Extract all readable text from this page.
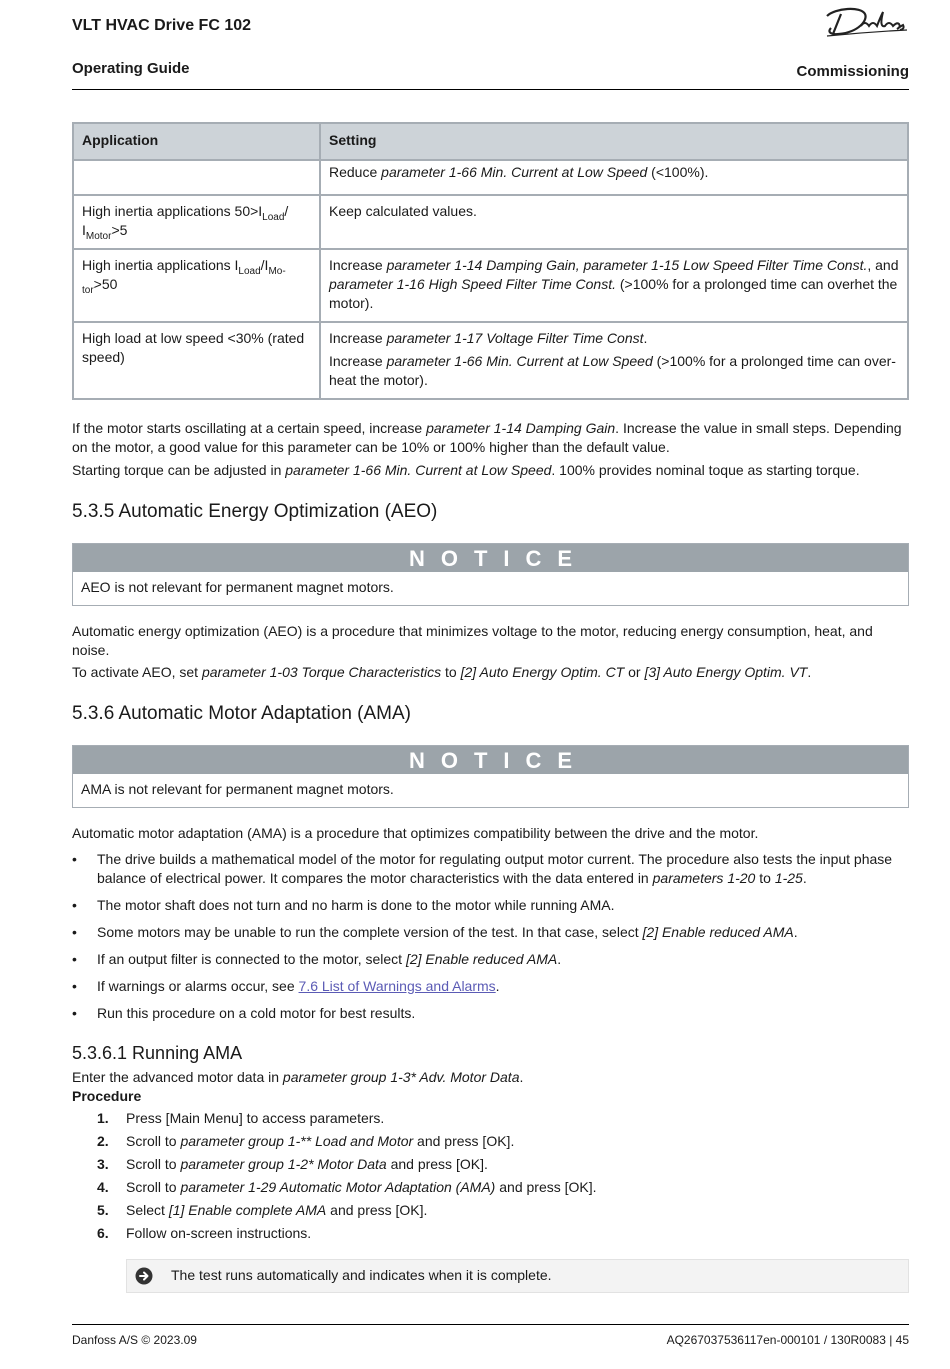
VLT HVAC Drive FC 102
Operating Guide	Commissioning
Application	Setting

	Reduce parameter 1-66 Min. Current at Low Speed (<100%).

High inertia applications $50>I_{Load}/$
$I_{Motor}>5$	Keep calculated values.

High inertia applications $I_{Load}/I_{Mo-tor}>50$	Increase parameter 1-14 Damping Gain, parameter 1-15 Low Speed Filter Time Const., and parameter 1-16 High Speed Filter Time Const. (>100% for a prolonged time can overhet the motor).

High load at low speed <30% (rated speed)	Increase parameter 1-17 Voltage Filter Time Const.

Increase parameter 1-66 Min. Current at Low Speed (>100% for a prolonged time can over-heat the motor).

If the motor starts oscillating at a certain speed, increase parameter 1-14 Damping Gain. Increase the value in small steps. Depending on the motor, a good value for this parameter can be 10% or 100% higher than the default value.

Starting torque can be adjusted in parameter 1-66 Min. Current at Low Speed. 100% provides nominal toque as starting torque.

5.3.5 Automatic Energy Optimization (AEO)
NOTICE
AEO is not relevant for permanent magnet motors.

Automatic energy optimization (AEO) is a procedure that minimizes voltage to the motor, reducing energy consumption, heat, and noise.

To activate AEO, set parameter 1-03 Torque Characteristics to [2] Auto Energy Optim. CT or [3] Auto Energy Optim. VT.

5.3.6 Automatic Motor Adaptation (AMA)
NOTICE
AMA is not relevant for permanent magnet motors.

Automatic motor adaptation (AMA) is a procedure that optimizes compatibility between the drive and the motor.

• The drive builds a mathematical model of the motor for regulating output motor current. The procedure also tests the input phase balance of electrical power. It compares the motor characteristics with the data entered in parameters 1-20 to 1-25.
• The motor shaft does not turn and no harm is done to the motor while running AMA.
• Some motors may be unable to run the complete version of the test. In that case, select [2] Enable reduced AMA.
• If an output filter is connected to the motor, select [2] Enable reduced AMA.
• If warnings or alarms occur, see 7.6 List of Warnings and Alarms.
• Run this procedure on a cold motor for best results.
5.3.6.1 Running AMA

Enter the advanced motor data in parameter group 1-3* Adv. Motor Data.

Procedure
1. Press [Main Menu] to access parameters.
2. Scroll to parameter group 1-** Load and Motor and press [OK].
3. Scroll to parameter group 1-2* Motor Data and press [OK].
4. Scroll to parameter 1-29 Automatic Motor Adaptation (AMA) and press [OK].
5. Select [1] Enable complete AMA and press [OK].
6. Follow on-screen instructions.
The test runs automatically and indicates when it is complete.
Danfoss A/S © 2023.09	AQ267037536117en-000101 / 130R0083 | 45
